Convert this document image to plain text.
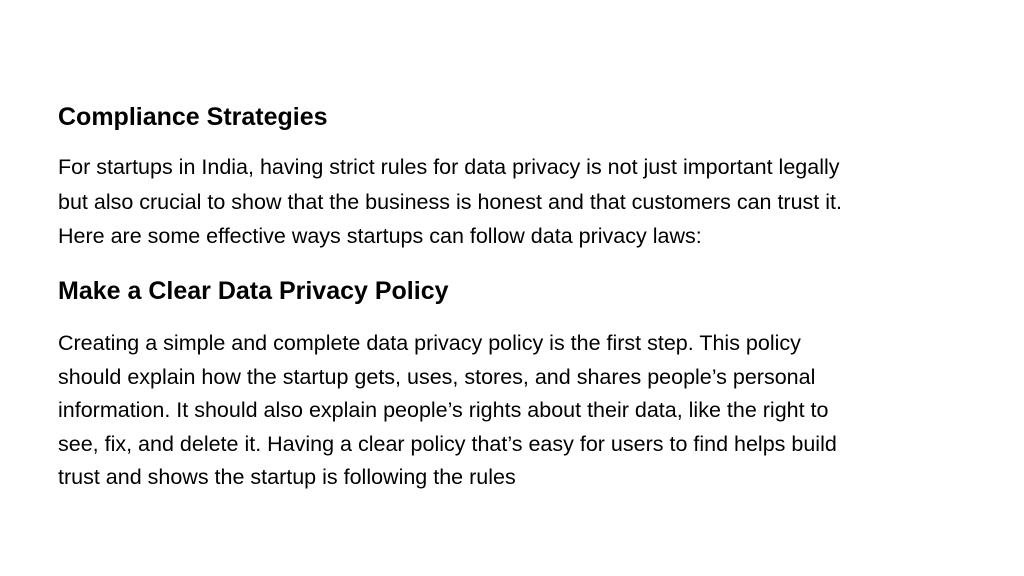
Compliance Strategies

For startups in India, having strict rules for data privacy is not just important legally
but also crucial to show that the business is honest and that customers can trust it.
Here are some effective ways startups can follow data privacy laws:

Make a Clear Data Privacy Policy

Creating a simple and complete data privacy policy is the first step. This policy
should explain how the startup gets, uses, stores, and shares people’s personal
information. It should also explain people’s rights about their data, like the right to
see, fix, and delete it. Having a clear policy that’s easy for users to find helps build
trust and shows the startup is following the rules
